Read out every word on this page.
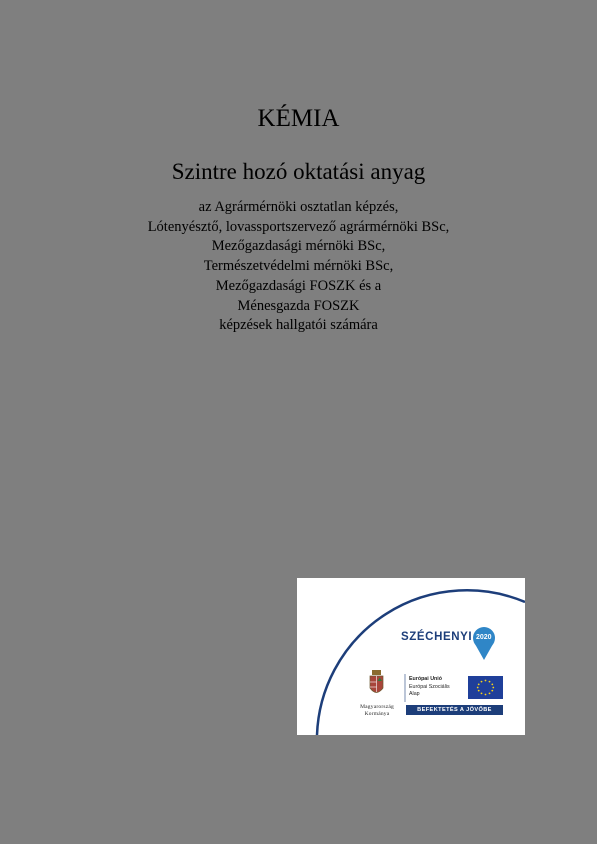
KÉMIA
Szintre hozó oktatási anyag
az Agrármérnöki osztatlan képzés,
Lótenyésztő, lovassportszervező agrármérnöki BSc,
Mezőgazdasági mérnöki BSc,
Természetvédelmi mérnöki BSc,
Mezőgazdasági FOSZK és a
Ménesgazda FOSZK
képzések hallgatói számára
SZÉCHENYI 2020
Magyarország
Kormánya
Európai Unió
Európai Szociális
Alap
BEFEKTETÉS A JÖVŐBE
